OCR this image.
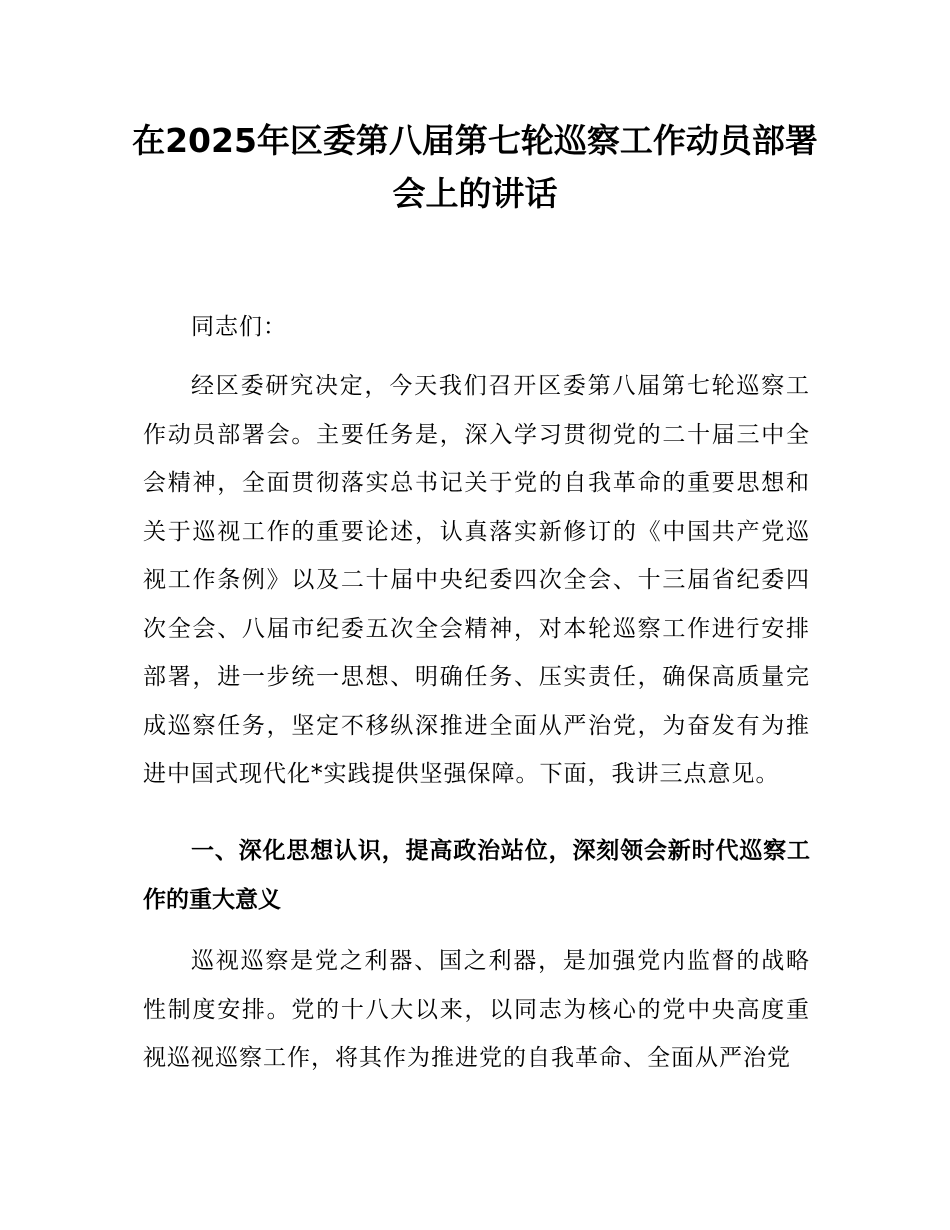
在2025年区委第八届第七轮巡察工作动员部署会上的讲话

同志们：

经区委研究决定，今天我们召开区委第八届第七轮巡察工作动员部署会。主要任务是，深入学习贯彻党的二十届三中全会精神，全面贯彻落实总书记关于党的自我革命的重要思想和关于巡视工作的重要论述，认真落实新修订的《中国共产党巡视工作条例》以及二十届中央纪委四次全会、十三届省纪委四次全会、八届市纪委五次全会精神，对本轮巡察工作进行安排部署，进一步统一思想、明确任务、压实责任，确保高质量完成巡察任务，坚定不移纵深推进全面从严治党，为奋发有为推进中国式现代化*实践提供坚强保障。下面，我讲三点意见。

一、深化思想认识，提高政治站位，深刻领会新时代巡察工作的重大意义

巡视巡察是党之利器、国之利器，是加强党内监督的战略性制度安排。党的十八大以来，以同志为核心的党中央高度重视巡视巡察工作，将其作为推进党的自我革命、全面从严治党
